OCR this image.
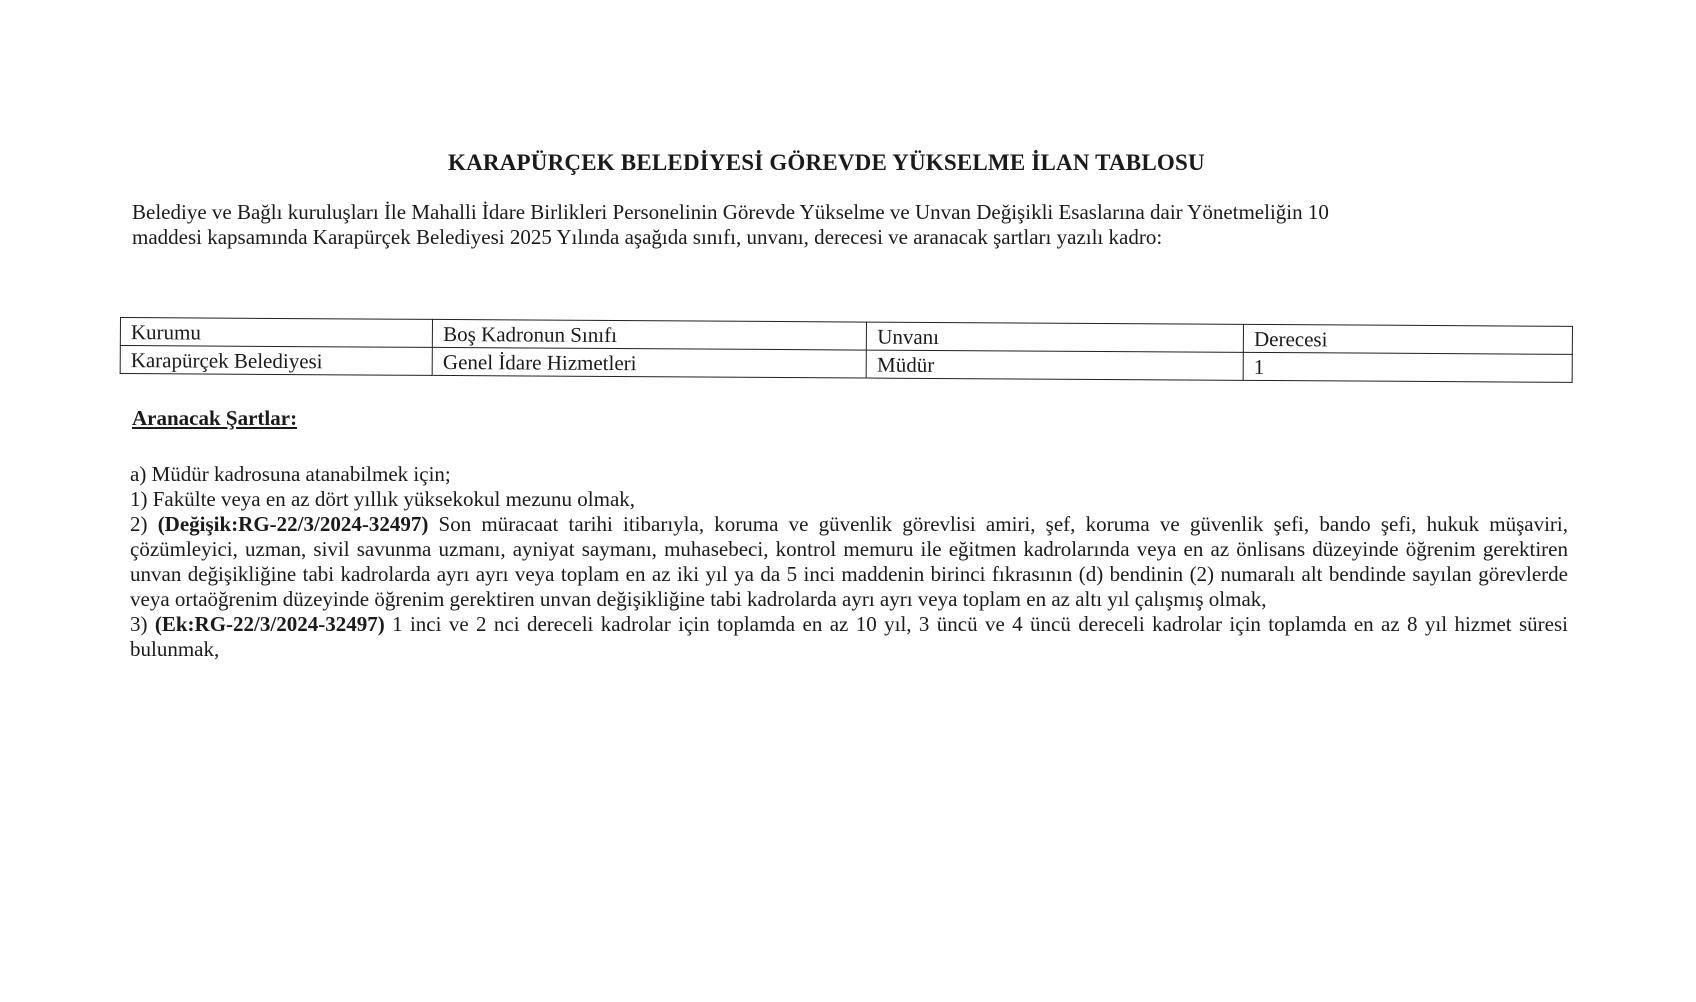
KARAPÜRÇEK BELEDİYESİ GÖREVDE YÜKSELME İLAN TABLOSU

Belediye ve Bağlı kuruluşları İle Mahalli İdare Birlikleri Personelinin Görevde Yükselme ve Unvan Değişikli Esaslarına dair Yönetmeliğin 10

maddesi kapsamında Karapürçek Belediyesi 2025 Yılında aşağıda sınıfı, unvanı, derecesi ve aranacak şartları yazılı kadro:

Kurumu	Boş Kadronun Sınıfı	Unvanı	Derecesi
Karapürçek Belediyesi	Genel İdare Hizmetleri	Müdür	1
Aranacak Şartlar:

a) Müdür kadrosuna atanabilmek için;

1) Fakülte veya en az dört yıllık yüksekokul mezunu olmak,

2) (Değişik:RG-22/3/2024-32497) Son müracaat tarihi itibarıyla, koruma ve güvenlik görevlisi amiri, şef, koruma ve güvenlik şefi, bando şefi, hukuk müşaviri, çözümleyici, uzman, sivil savunma uzmanı, ayniyat saymanı, muhasebeci, kontrol memuru ile eğitmen kadrolarında veya en az önlisans düzeyinde öğrenim gerektiren unvan değişikliğine tabi kadrolarda ayrı ayrı veya toplam en az iki yıl ya da 5 inci maddenin birinci fıkrasının (d) bendinin (2) numaralı alt bendinde sayılan görevlerde veya ortaöğrenim düzeyinde öğrenim gerektiren unvan değişikliğine tabi kadrolarda ayrı ayrı veya toplam en az altı yıl çalışmış olmak,

3) (Ek:RG-22/3/2024-32497) 1 inci ve 2 nci dereceli kadrolar için toplamda en az 10 yıl, 3 üncü ve 4 üncü dereceli kadrolar için toplamda en az 8 yıl hizmet süresi bulunmak,
